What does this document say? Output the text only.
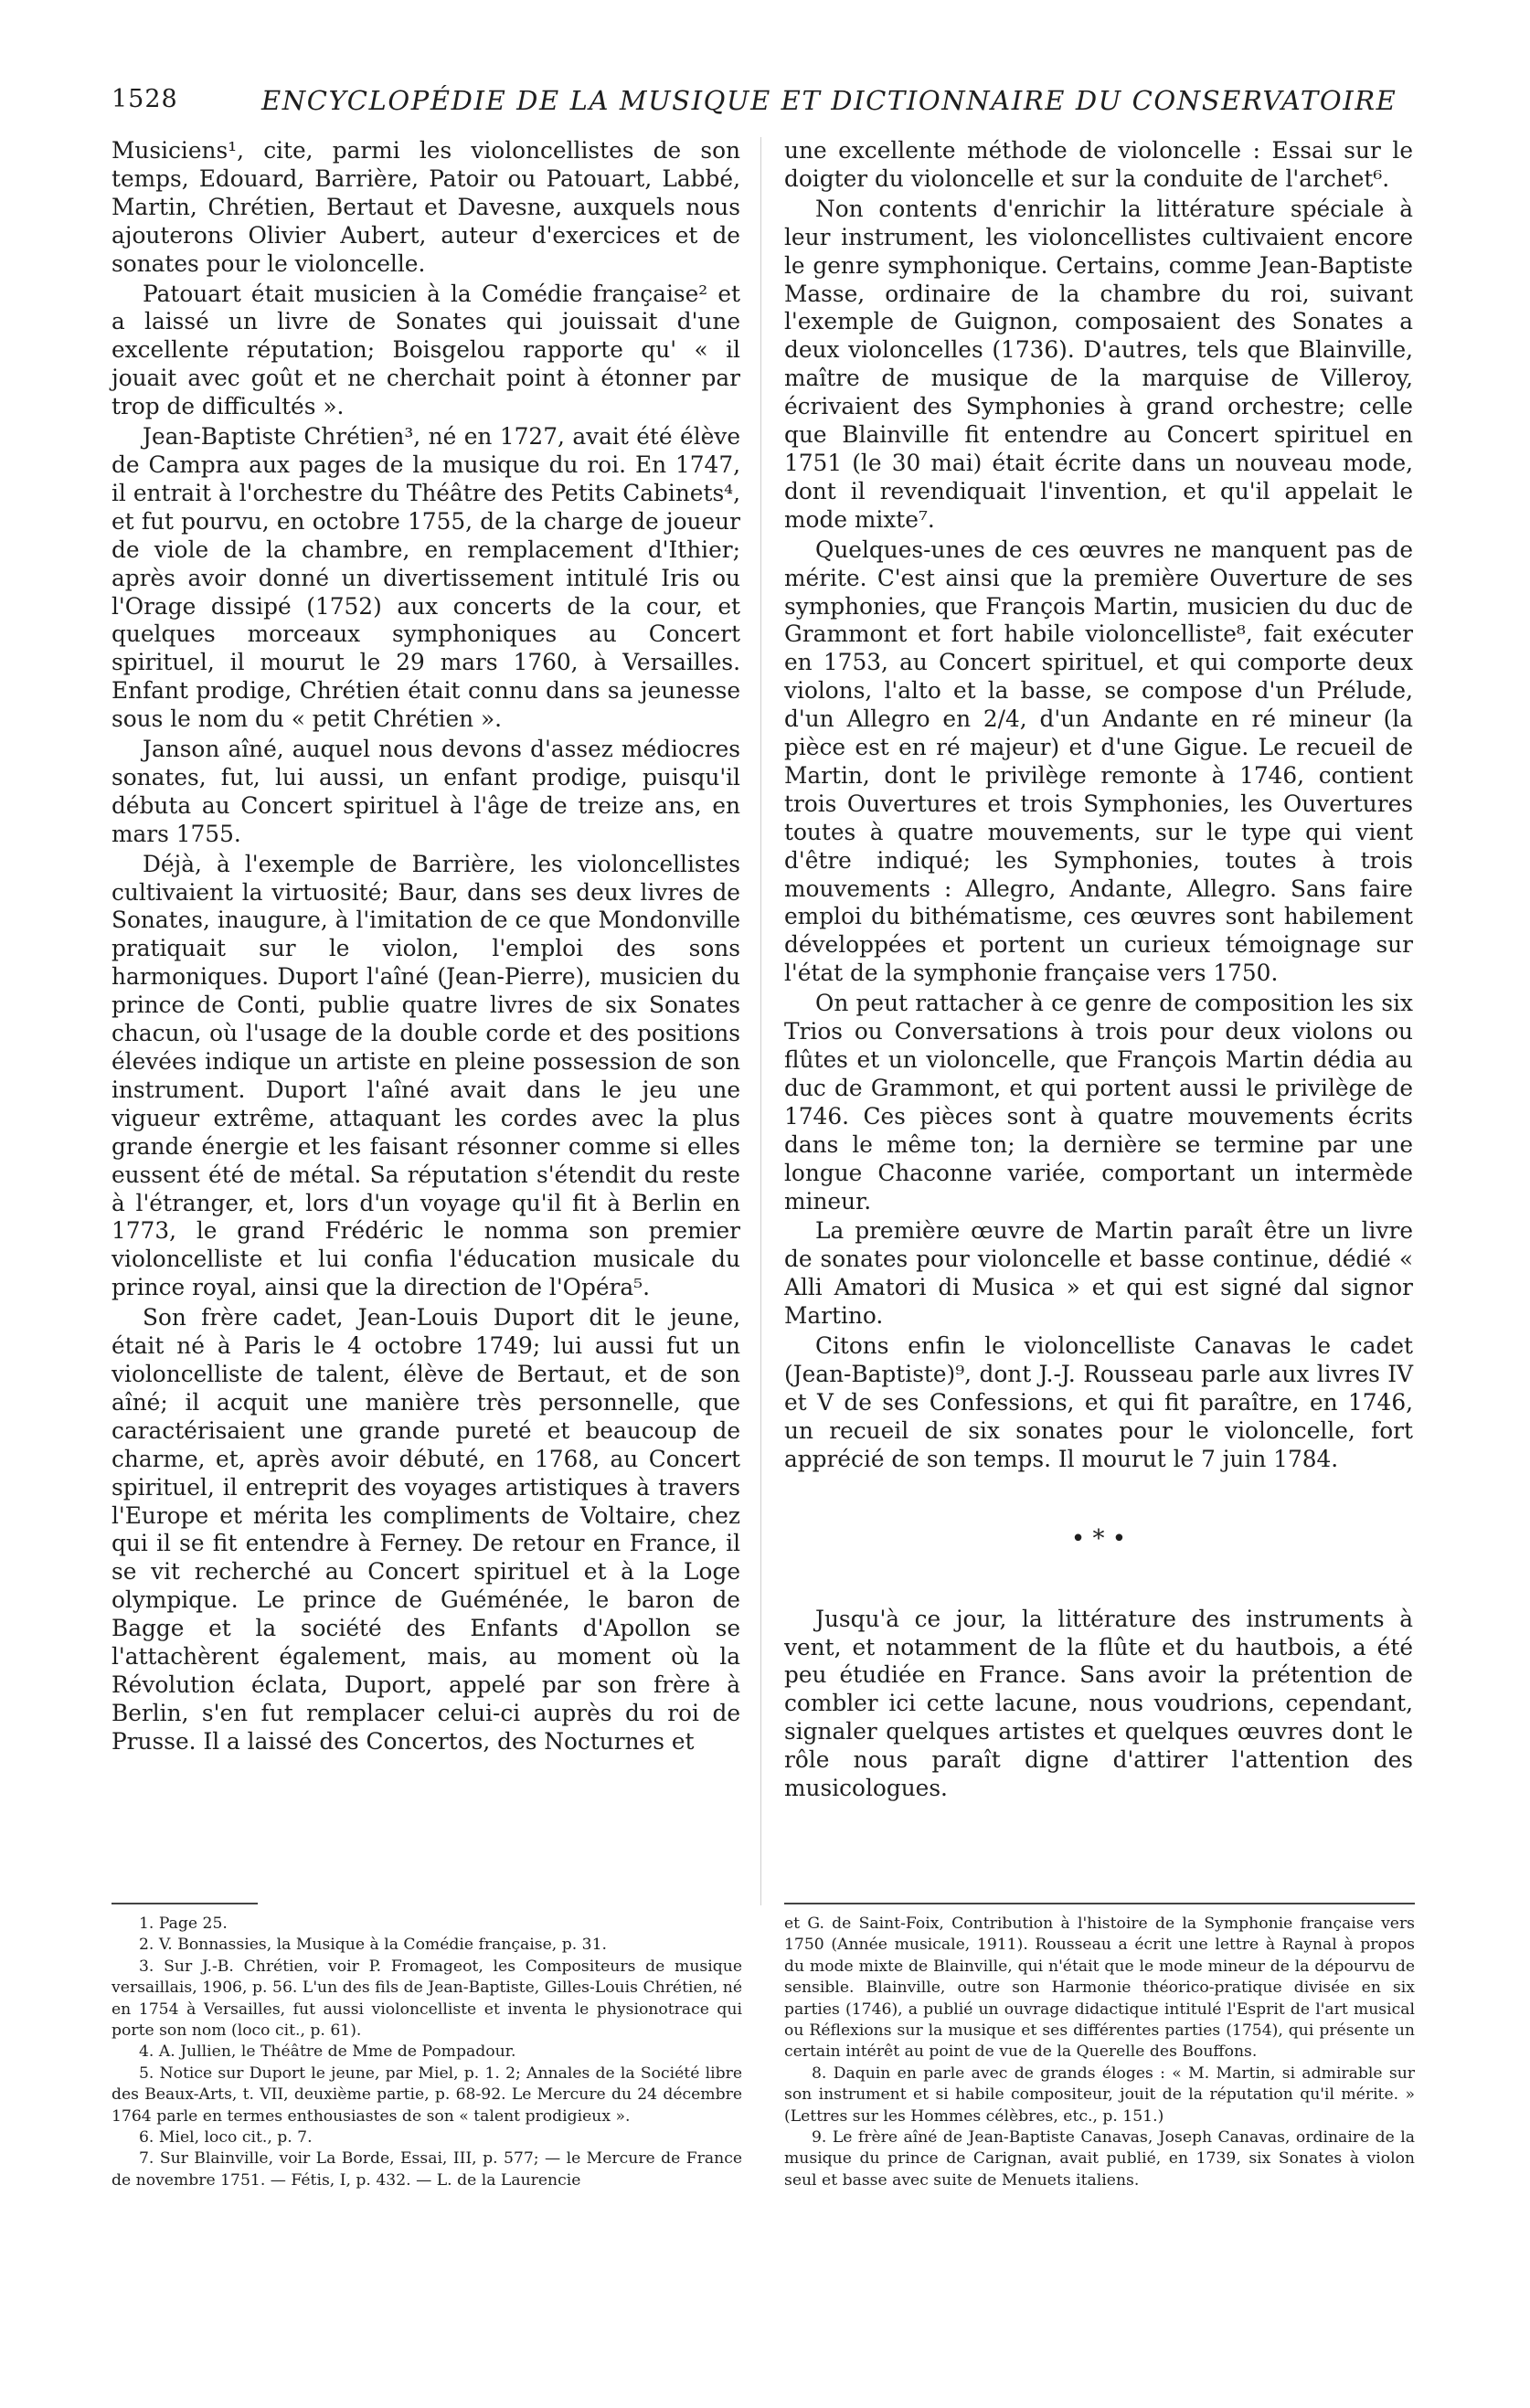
1528	ENCYCLOPÉDIE DE LA MUSIQUE ET DICTIONNAIRE DU CONSERVATOIRE

Musiciens¹, cite, parmi les violoncellistes de son temps, Edouard, Barrière, Patoir ou Patouart, Labbé, Martin, Chrétien, Bertaut et Davesne, auxquels nous ajouterons Olivier Aubert, auteur d'exercices et de sonates pour le violoncelle.

Patouart était musicien à la Comédie française² et a laissé un livre de Sonates qui jouissait d'une excellente réputation; Boisgelou rapporte qu' « il jouait avec goût et ne cherchait point à étonner par trop de difficultés ».

Jean-Baptiste Chrétien³, né en 1727, avait été élève de Campra aux pages de la musique du roi. En 1747, il entrait à l'orchestre du Théâtre des Petits Cabinets⁴, et fut pourvu, en octobre 1755, de la charge de joueur de viole de la chambre, en remplacement d'Ithier; après avoir donné un divertissement intitulé Iris ou l'Orage dissipé (1752) aux concerts de la cour, et quelques morceaux symphoniques au Concert spirituel, il mourut le 29 mars 1760, à Versailles. Enfant prodige, Chrétien était connu dans sa jeunesse sous le nom du « petit Chrétien ».

Janson aîné, auquel nous devons d'assez médiocres sonates, fut, lui aussi, un enfant prodige, puisqu'il débuta au Concert spirituel à l'âge de treize ans, en mars 1755.

Déjà, à l'exemple de Barrière, les violoncellistes cultivaient la virtuosité; Baur, dans ses deux livres de Sonates, inaugure, à l'imitation de ce que Mondonville pratiquait sur le violon, l'emploi des sons harmoniques. Duport l'aîné (Jean-Pierre), musicien du prince de Conti, publie quatre livres de six Sonates chacun, où l'usage de la double corde et des positions élevées indique un artiste en pleine possession de son instrument. Duport l'aîné avait dans le jeu une vigueur extrême, attaquant les cordes avec la plus grande énergie et les faisant résonner comme si elles eussent été de métal. Sa réputation s'étendit du reste à l'étranger, et, lors d'un voyage qu'il fit à Berlin en 1773, le grand Frédéric le nomma son premier violoncelliste et lui confia l'éducation musicale du prince royal, ainsi que la direction de l'Opéra⁵.

Son frère cadet, Jean-Louis Duport dit le jeune, était né à Paris le 4 octobre 1749; lui aussi fut un violoncelliste de talent, élève de Bertaut, et de son aîné; il acquit une manière très personnelle, que caractérisaient une grande pureté et beaucoup de charme, et, après avoir débuté, en 1768, au Concert spirituel, il entreprit des voyages artistiques à travers l'Europe et mérita les compliments de Voltaire, chez qui il se fit entendre à Ferney. De retour en France, il se vit recherché au Concert spirituel et à la Loge olympique. Le prince de Guéménée, le baron de Bagge et la société des Enfants d'Apollon se l'attachèrent également, mais, au moment où la Révolution éclata, Duport, appelé par son frère à Berlin, s'en fut remplacer celui-ci auprès du roi de Prusse. Il a laissé des Concertos, des Nocturnes et

une excellente méthode de violoncelle : Essai sur le doigter du violoncelle et sur la conduite de l'archet⁶.

Non contents d'enrichir la littérature spéciale à leur instrument, les violoncellistes cultivaient encore le genre symphonique. Certains, comme Jean-Baptiste Masse, ordinaire de la chambre du roi, suivant l'exemple de Guignon, composaient des Sonates a deux violoncelles (1736). D'autres, tels que Blainville, maître de musique de la marquise de Villeroy, écrivaient des Symphonies à grand orchestre; celle que Blainville fit entendre au Concert spirituel en 1751 (le 30 mai) était écrite dans un nouveau mode, dont il revendiquait l'invention, et qu'il appelait le mode mixte⁷.

Quelques-unes de ces œuvres ne manquent pas de mérite. C'est ainsi que la première Ouverture de ses symphonies, que François Martin, musicien du duc de Grammont et fort habile violoncelliste⁸, fait exécuter en 1753, au Concert spirituel, et qui comporte deux violons, l'alto et la basse, se compose d'un Prélude, d'un Allegro en 2/4, d'un Andante en ré mineur (la pièce est en ré majeur) et d'une Gigue. Le recueil de Martin, dont le privilège remonte à 1746, contient trois Ouvertures et trois Symphonies, les Ouvertures toutes à quatre mouvements, sur le type qui vient d'être indiqué; les Symphonies, toutes à trois mouvements : Allegro, Andante, Allegro. Sans faire emploi du bithématisme, ces œuvres sont habilement développées et portent un curieux témoignage sur l'état de la symphonie française vers 1750.

On peut rattacher à ce genre de composition les six Trios ou Conversations à trois pour deux violons ou flûtes et un violoncelle, que François Martin dédia au duc de Grammont, et qui portent aussi le privilège de 1746. Ces pièces sont à quatre mouvements écrits dans le même ton; la dernière se termine par une longue Chaconne variée, comportant un intermède mineur.

La première œuvre de Martin paraît être un livre de sonates pour violoncelle et basse continue, dédié « Alli Amatori di Musica » et qui est signé dal signor Martino.

Citons enfin le violoncelliste Canavas le cadet (Jean-Baptiste)⁹, dont J.-J. Rousseau parle aux livres IV et V de ses Confessions, et qui fit paraître, en 1746, un recueil de six sonates pour le violoncelle, fort apprécié de son temps. Il mourut le 7 juin 1784.

• * •

Jusqu'à ce jour, la littérature des instruments à vent, et notamment de la flûte et du hautbois, a été peu étudiée en France. Sans avoir la prétention de combler ici cette lacune, nous voudrions, cependant, signaler quelques artistes et quelques œuvres dont le rôle nous paraît digne d'attirer l'attention des musicologues.

1. Page 25.

2. V. Bonnassies, la Musique à la Comédie française, p. 31.

3. Sur J.-B. Chrétien, voir P. Fromageot, les Compositeurs de musique versaillais, 1906, p. 56. L'un des fils de Jean-Baptiste, Gilles-Louis Chrétien, né en 1754 à Versailles, fut aussi violoncelliste et inventa le physionotrace qui porte son nom (loco cit., p. 61).

4. A. Jullien, le Théâtre de Mme de Pompadour.

5. Notice sur Duport le jeune, par Miel, p. 1. 2; Annales de la Société libre des Beaux-Arts, t. VII, deuxième partie, p. 68-92. Le Mercure du 24 décembre 1764 parle en termes enthousiastes de son « talent prodigieux ».

6. Miel, loco cit., p. 7.

7. Sur Blainville, voir La Borde, Essai, III, p. 577; — le Mercure de France de novembre 1751. — Fétis, I, p. 432. — L. de la Laurencie

et G. de Saint-Foix, Contribution à l'histoire de la Symphonie française vers 1750 (Année musicale, 1911). Rousseau a écrit une lettre à Raynal à propos du mode mixte de Blainville, qui n'était que le mode mineur de la dépourvu de sensible. Blainville, outre son Harmonie théorico-pratique divisée en six parties (1746), a publié un ouvrage didactique intitulé l'Esprit de l'art musical ou Réflexions sur la musique et ses différentes parties (1754), qui présente un certain intérêt au point de vue de la Querelle des Bouffons.

8. Daquin en parle avec de grands éloges : « M. Martin, si admirable sur son instrument et si habile compositeur, jouit de la réputation qu'il mérite. » (Lettres sur les Hommes célèbres, etc., p. 151.)

9. Le frère aîné de Jean-Baptiste Canavas, Joseph Canavas, ordinaire de la musique du prince de Carignan, avait publié, en 1739, six Sonates à violon seul et basse avec suite de Menuets italiens.
